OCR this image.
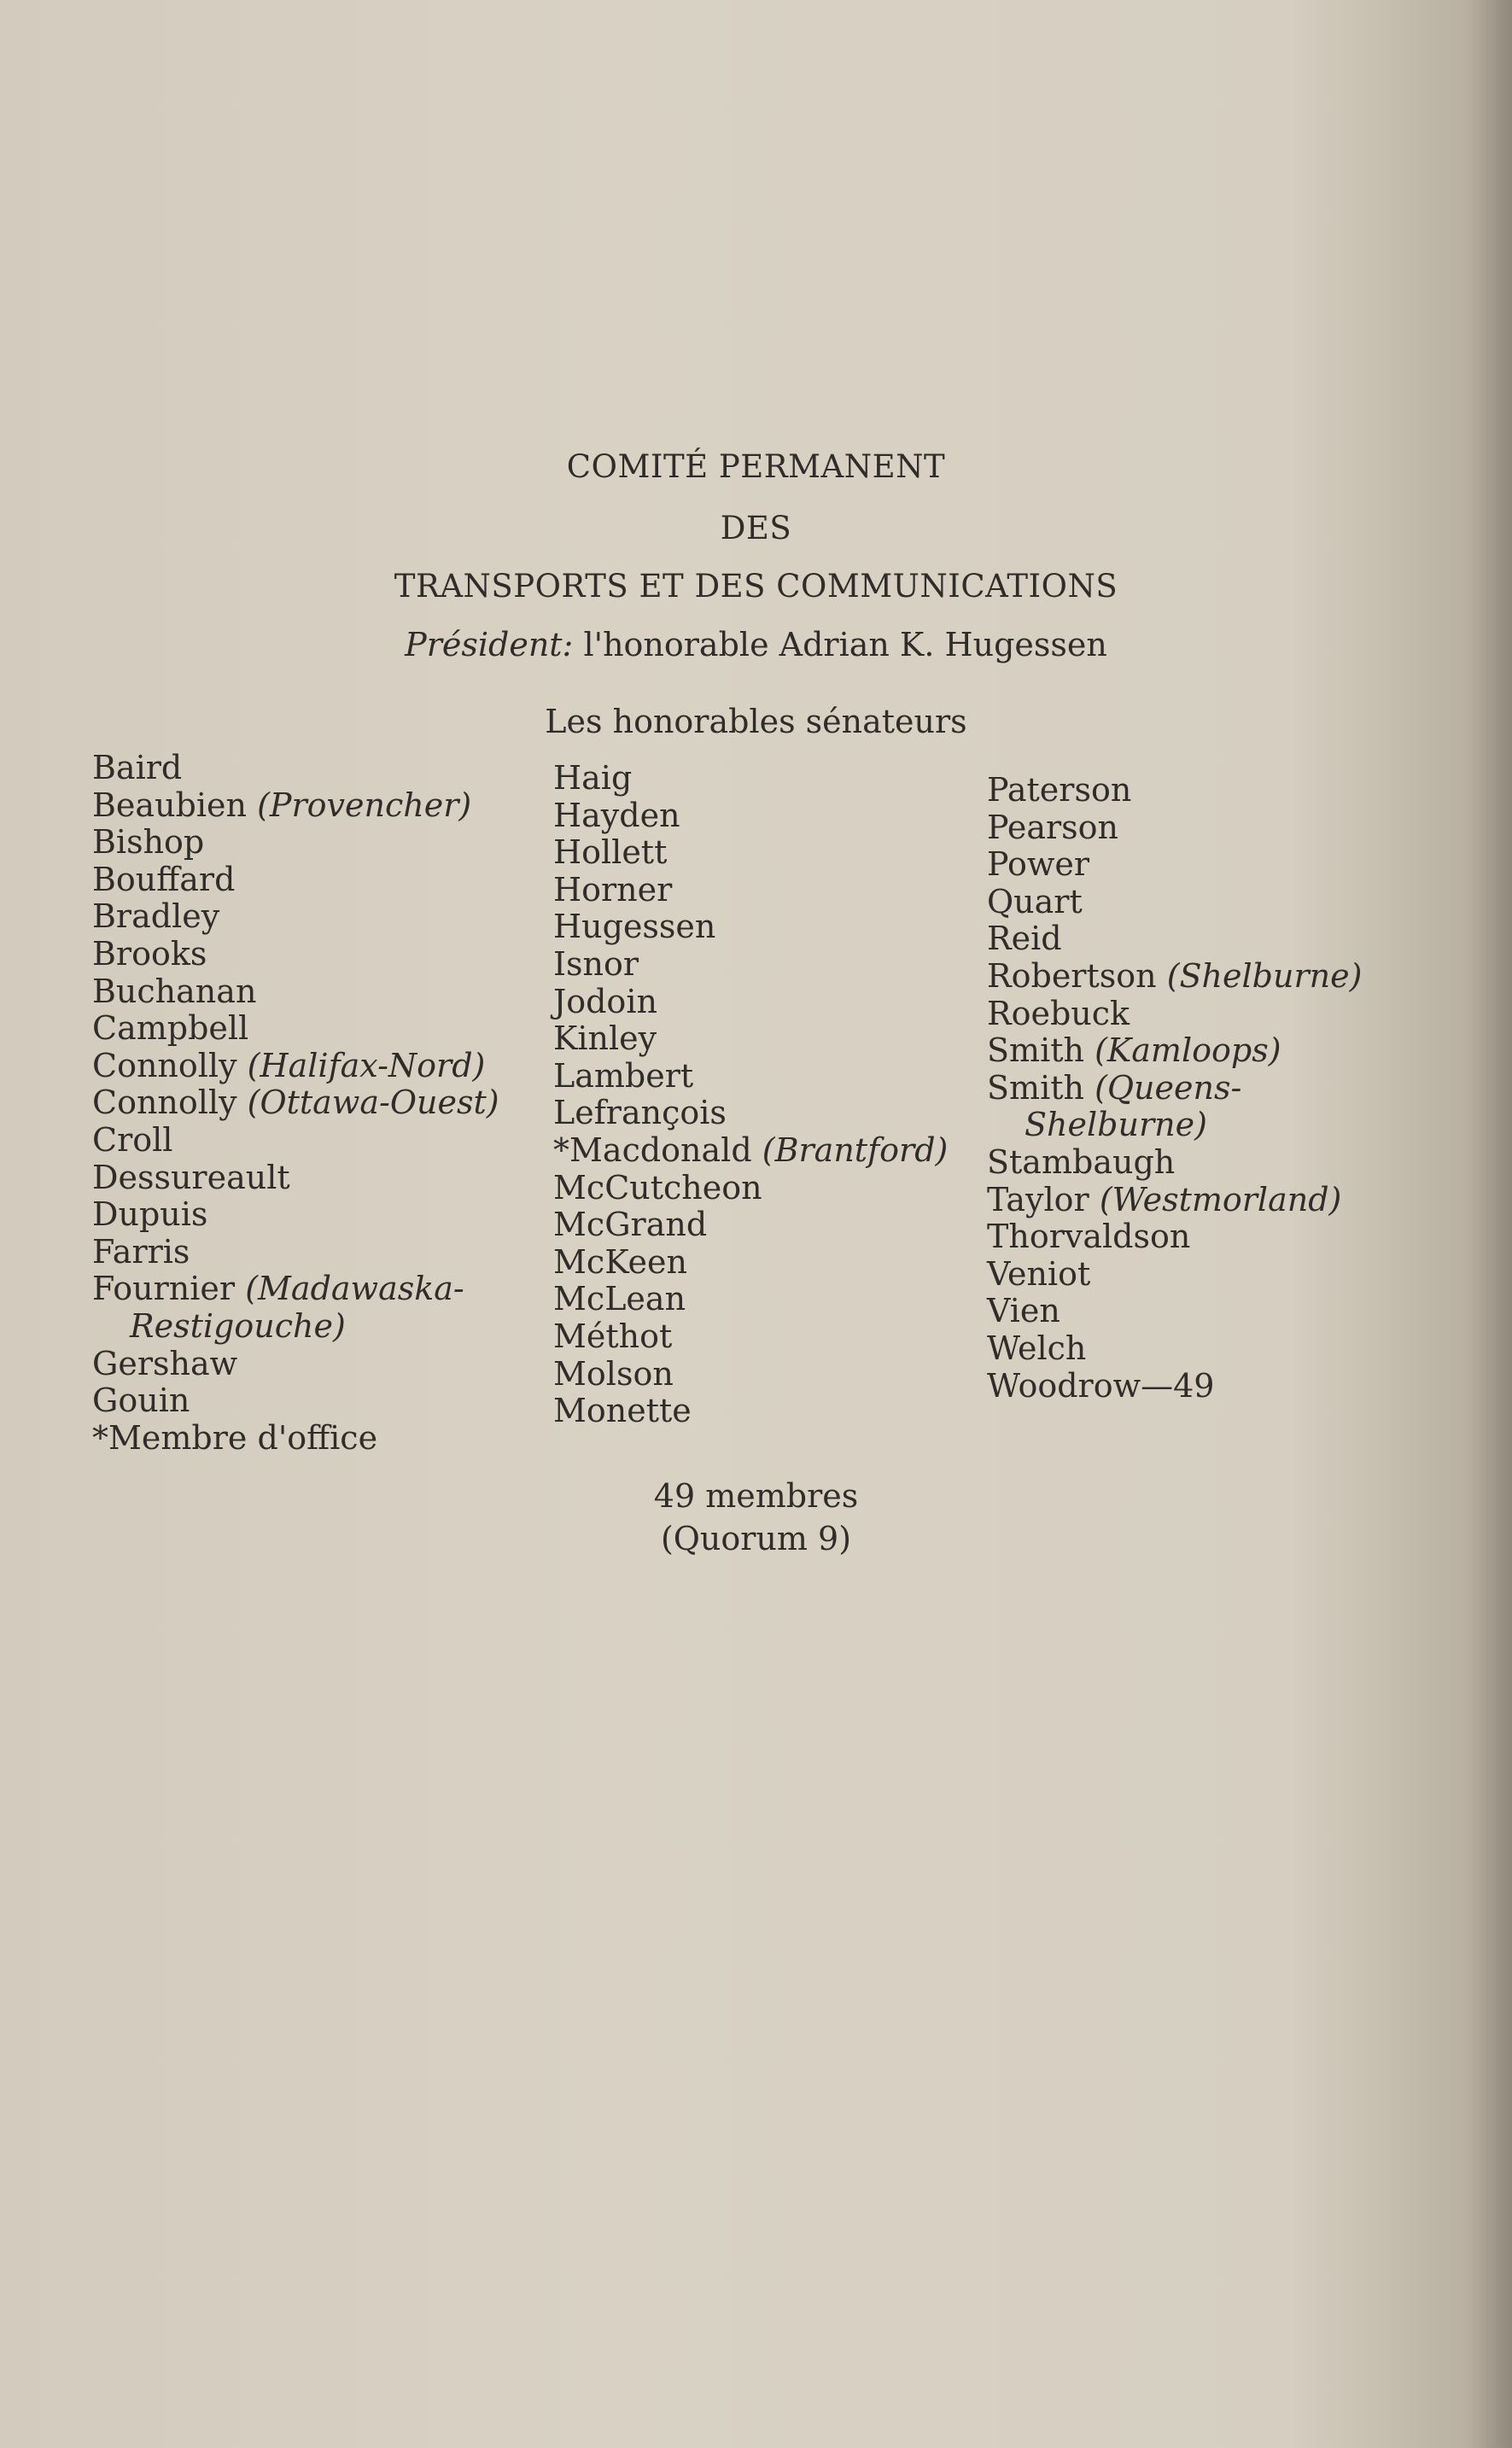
COMITÉ PERMANENT
DES
TRANSPORTS ET DES COMMUNICATIONS
Président: l'honorable Adrian K. Hugessen
Les honorables sénateurs
Baird
Beaubien (Provencher)
Bishop
Bouffard
Bradley
Brooks
Buchanan
Campbell
Connolly (Halifax-Nord)
Connolly (Ottawa-Ouest)
Croll
Dessureault
Dupuis
Farris
Fournier (Madawaska-
Restigouche)
Gershaw
Gouin
*Membre d'office
Haig
Hayden
Hollett
Horner
Hugessen
Isnor
Jodoin
Kinley
Lambert
Lefrançois
*Macdonald (Brantford)
McCutcheon
McGrand
McKeen
McLean
Méthot
Molson
Monette
Paterson
Pearson
Power
Quart
Reid
Robertson (Shelburne)
Roebuck
Smith (Kamloops)
Smith (Queens-
Shelburne)
Stambaugh
Taylor (Westmorland)
Thorvaldson
Veniot
Vien
Welch
Woodrow—49
49 membres
(Quorum 9)
